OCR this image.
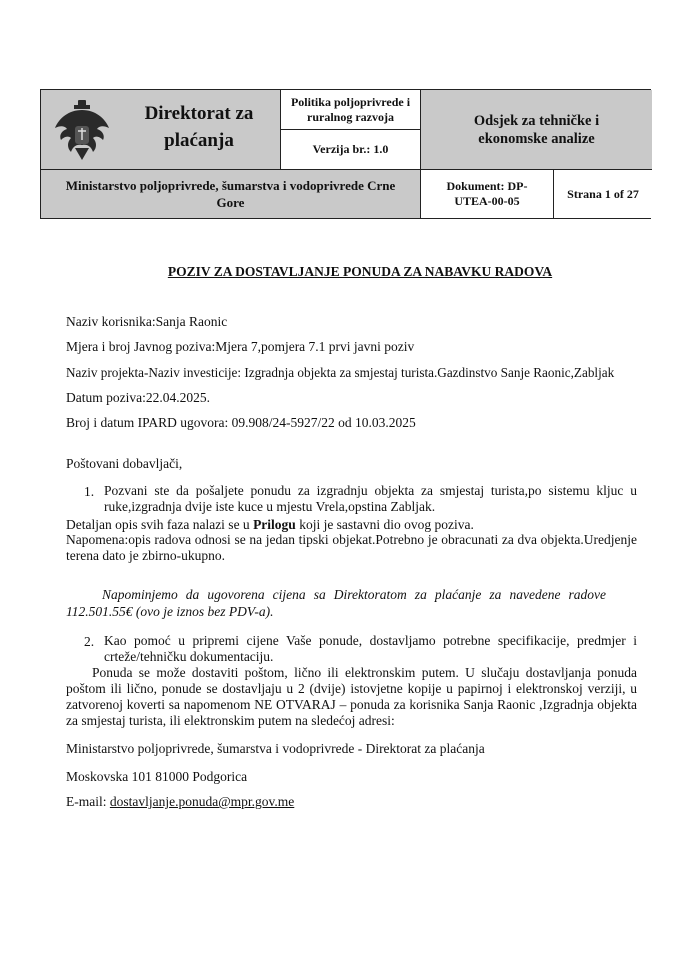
Direktorat za
plaćanja
Politika poljoprivrede i ruralnog razvoja
Verzija br.: 1.0
Odsjek za tehničke i ekonomske analize
Ministarstvo poljoprivrede, šumarstva i vodoprivrede Crne Gore
Dokument: DP-UTEA-00-05
Strana 1 of 27
POZIV ZA DOSTAVLJANJE PONUDA ZA NABAVKU RADOVA
Naziv korisnika:Sanja Raonic
Mjera i broj Javnog poziva:Mjera 7,pomjera 7.1 prvi javni poziv
Naziv projekta-Naziv investicije: Izgradnja objekta za smjestaj turista.Gazdinstvo Sanje Raonic,Zabljak
Datum poziva:22.04.2025.
Broj i datum IPARD ugovora: 09.908/24-5927/22 od 10.03.2025
Poštovani dobavljači,
1. Pozvani ste da pošaljete ponudu za izgradnju objekta za smjestaj turista,po sistemu kljuc u ruke,izgradnja dvije iste kuce u mjestu Vrela,opstina Zabljak.
Detaljan opis svih faza nalazi se u Prilogu koji je sastavni dio ovog poziva.
Napomena:opis radova odnosi se na jedan tipski objekat.Potrebno je obracunati za dva objekta.Uredjenje terena dato je zbirno-ukupno.
Napominjemo da ugovorena cijena sa Direktoratom za plaćanje za navedene radove 112.501.55€ (ovo je iznos bez PDV-a).
2. Kao pomoć u pripremi cijene Vaše ponude, dostavljamo potrebne specifikacije, predmjer i crteže/tehničku dokumentaciju.
Ponuda se može dostaviti poštom, lično ili elektronskim putem. U slučaju dostavljanja ponuda poštom ili lično, ponude se dostavljaju u 2 (dvije) istovjetne kopije u papirnoj i elektronskoj verziji, u zatvorenoj koverti sa napomenom NE OTVARAJ – ponuda za korisnika Sanja Raonic ,Izgradnja objekta za smjestaj turista, ili elektronskim putem na sledećoj adresi:
Ministarstvo poljoprivrede, šumarstva i vodoprivrede - Direktorat za plaćanja
Moskovska 101 81000 Podgorica
E-mail: dostavljanje.ponuda@mpr.gov.me
